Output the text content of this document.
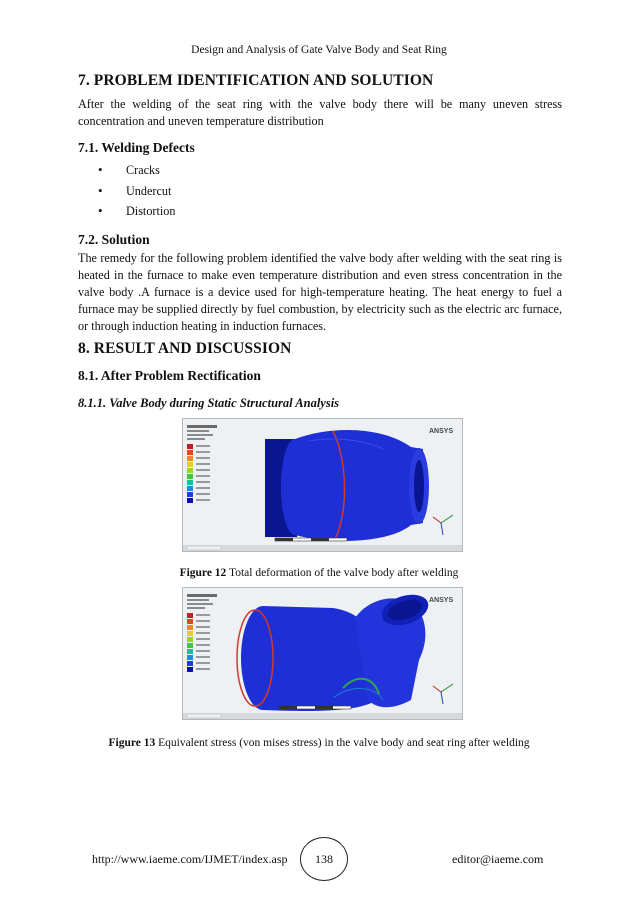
Design and Analysis of Gate Valve Body and Seat Ring
7. PROBLEM IDENTIFICATION AND SOLUTION
After the welding of the seat ring with the valve body there will be many uneven stress concentration and uneven temperature distribution
7.1. Welding Defects
• Cracks
• Undercut
• Distortion
7.2. Solution
The remedy for the following problem identified the valve body after welding with the seat ring is heated in the furnace to make even temperature distribution and even stress concentration in the valve body .A furnace is a device used for high-temperature heating. The heat energy to fuel a furnace may be supplied directly by fuel combustion, by electricity such as the electric arc furnace, or through induction heating in induction furnaces.
8. RESULT AND DISCUSSION
8.1. After Problem Rectification
8.1.1. Valve Body during Static Structural Analysis
ANSYS
Figure 12 Total deformation of the valve body after welding
ANSYS
Figure 13 Equivalent stress (von mises stress) in the valve body and seat ring after welding
http://www.iaeme.com/IJMET/index.asp	138	editor@iaeme.com
